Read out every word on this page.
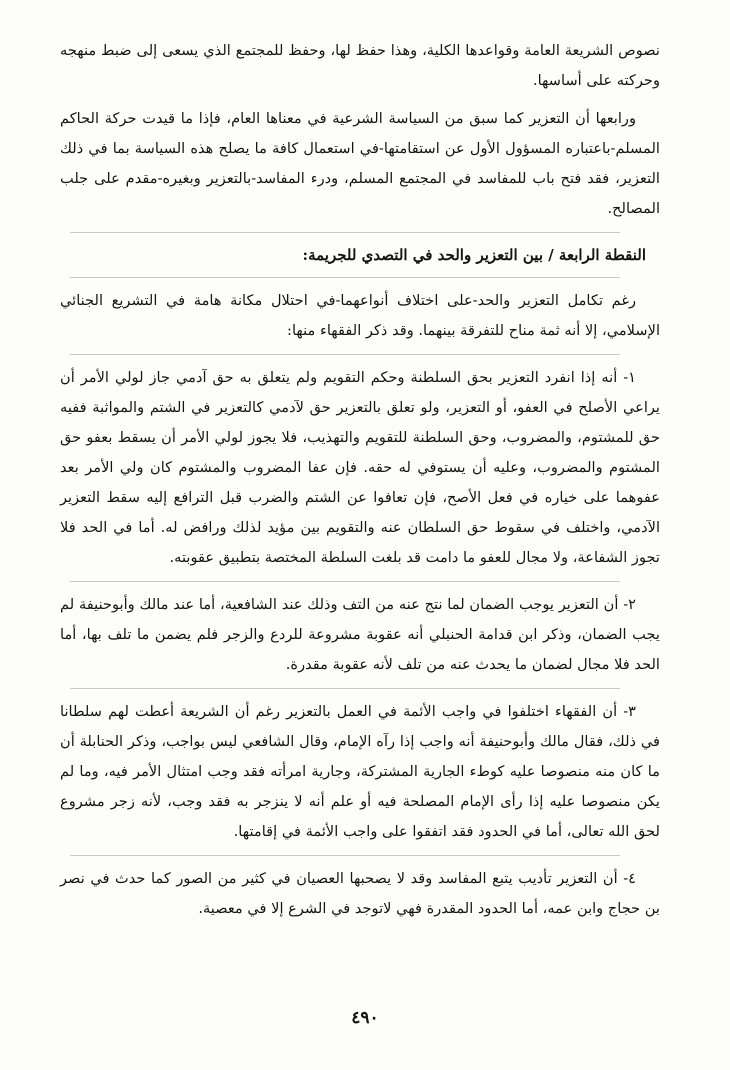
نصوص الشريعة العامة وقواعدها الكلية، وهذا حفظ لها، وحفظ للمجتمع الذي يسعى إلى ضبط منهجه وحركته على أساسها.

ورابعها أن التعزير كما سبق من السياسة الشرعية في معناها العام، فإذا ما قيدت حركة الحاكم المسلم-باعتباره المسؤول الأول عن استقامتها-في استعمال كافة ما يصلح هذه السياسة بما في ذلك التعزير، فقد فتح باب للمفاسد في المجتمع المسلم، ودرء المفاسد-بالتعزير وبغيره-مقدم على جلب المصالح.

النقطة الرابعة / بين التعزير والحد في التصدي للجريمة:

رغم تكامل التعزير والحد-على اختلاف أنواعهما-في احتلال مكانة هامة في التشريع الجنائي الإسلامي، إلا أنه ثمة مناح للتفرقة بينهما. وقد ذكر الفقهاء منها:

١- أنه إذا انفرد التعزير بحق السلطنة وحكم التقويم ولم يتعلق به حق آدمي جاز لولي الأمر أن يراعي الأصلح في العفو، أو التعزير، ولو تعلق بالتعزير حق لآدمي كالتعزير في الشتم والمواثبة ففيه حق للمشتوم، والمضروب، وحق السلطنة للتقويم والتهذيب، فلا يجوز لولي الأمر أن يسقط بعفو حق المشتوم والمضروب، وعليه أن يستوفي له حقه. فإن عفا المضروب والمشتوم كان ولي الأمر بعد عفوهما على خياره في فعل الأصح، فإن تعافوا عن الشتم والضرب قبل الترافع إليه سقط التعزير الآدمي، واختلف في سقوط حق السلطان عنه والتقويم بين مؤيد لذلك ورافض له. أما في الحد فلا تجوز الشفاعة، ولا مجال للعفو ما دامت قد بلغت السلطة المختصة بتطبيق عقوبته.

٢- أن التعزير يوجب الضمان لما نتج عنه من التف وذلك عند الشافعية، أما عند مالك وأبوحنيفة لم يجب الضمان، وذكر ابن قدامة الحنبلي أنه عقوبة مشروعة للردع والزجر فلم يضمن ما تلف بها، أما الحد فلا مجال لضمان ما يحدث عنه من تلف لأنه عقوبة مقدرة.

٣- أن الفقهاء اختلفوا في واجب الأئمة في العمل بالتعزير رغم أن الشريعة أعطت لهم سلطانا في ذلك، فقال مالك وأبوحنيفة أنه واجب إذا رآه الإمام، وقال الشافعي ليس بواجب، وذكر الحنابلة أن ما كان منه منصوصا عليه كوطء الجارية المشتركة، وجارية امرأته فقد وجب امتثال الأمر فيه، وما لم يكن منصوصا عليه إذا رأى الإمام المصلحة فيه أو علم أنه لا ينزجر به فقد وجب، لأنه زجر مشروع لحق الله تعالى، أما في الحدود فقد اتفقوا على واجب الأئمة في إقامتها.

٤- أن التعزير تأديب يتبع المفاسد وقد لا يصحبها العصيان في كثير من الصور كما حدث في نصر بن حجاج وابن عمه، أما الحدود المقدرة فهي لاتوجد في الشرع إلا في معصية.

٤٩٠
